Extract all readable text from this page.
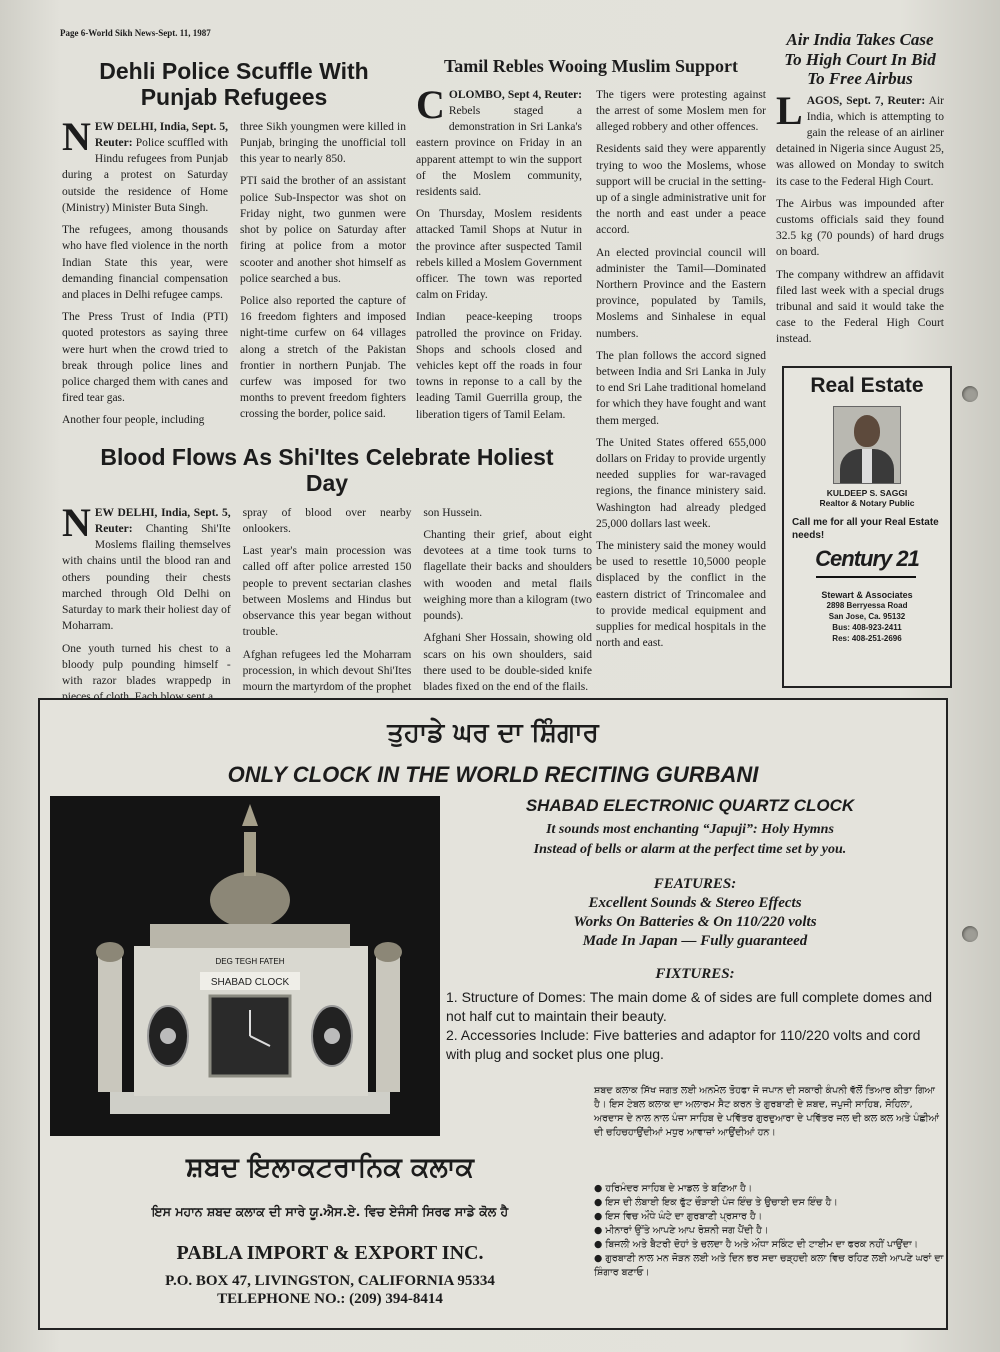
Page 6-World Sikh News-Sept. 11, 1987
Dehli Police Scuffle With Punjab Refugees

NEW DELHI, India, Sept. 5, Reuter: Police scuffled with Hindu refugees from Punjab during a protest on Saturday outside the residence of Home (Ministry) Minister Buta Singh.

The refugees, among thousands who have fled violence in the north Indian State this year, were demanding financial compensation and places in Delhi refugee camps.

The Press Trust of India (PTI) quoted protestors as saying three were hurt when the crowd tried to break through police lines and police charged them with canes and fired tear gas.

Another four people, including

three Sikh youngmen were killed in Punjab, bringing the unofficial toll this year to nearly 850.

PTI said the brother of an assistant police Sub-Inspector was shot on Friday night, two gunmen were shot by police on Saturday after firing at police from a motor scooter and another shot himself as police searched a bus.

Police also reported the capture of 16 freedom fighters and imposed night-time curfew on 64 villages along a stretch of the Pakistan frontier in northern Punjab. The curfew was imposed for two months to prevent freedom fighters crossing the border, police said.

Blood Flows As Shi'Ites Celebrate Holiest Day

NEW DELHI, India, Sept. 5, Reuter: Chanting Shi'Ite Moslems flailing themselves with chains until the blood ran and others pounding their chests marched through Old Delhi on Saturday to mark their holiest day of Moharram.

One youth turned his chest to a bloody pulp pounding himself - with razor blades wrappedp in

spray of blood over nearby onlookers.

Last year's main procession was called off after police arrested 150 people to prevent sectarian clashes between Moslems and Hindus but observance this year began without trouble.

Afghan refugees led the Moharram procession, in which devout Shi'Ites mourn the martyrdom of the prophet

son Hussein.

Chanting their grief, about eight devotees at a time took turns to flagellate their backs and shoulders with wooden and metal flails weighing more than a kilogram (two pounds).

Afghani Sher Hossain, showing old scars on his own shoulders, said there used to be double-sided knife blades fixed on the end of the flails.

Tamil Rebles Wooing Muslim Support

COLOMBO, Sept 4, Reuter: Rebels staged a demonstration in Sri Lanka's eastern province on Friday in an apparent attempt to win the support of the Moslem community, residents said.

On Thursday, Moslem residents attacked Tamil Shops at Nutur in the province after suspected Tamil rebels killed a Moslem Government officer. The town was reported calm on Friday.

Indian peace-keeping troops patrolled the province on Friday. Shops and schools closed and vehicles kept off the roads in four towns in reponse to a call by the leading Tamil Guerrilla group, the liberation tigers of Tamil Eelam.

The tigers were protesting against the arrest of some Moslem men for alleged robbery and other offences.

Residents said they were apparently trying to woo the Moslems, whose support will be crucial in the setting-up of a single administrative unit for the north and east under a peace accord.

An elected provincial council will administer the Tamil—Dominated Northern Province and the Eastern province, populated by Tamils, Moslems and Sinhalese in equal numbers.

The plan follows the accord signed between India and Sri Lanka in July to end Sri Lahe traditional homeland for which they have fought and want them merged.

The United States offered 655,000 dollars on Friday to provide urgently needed supplies for war-ravaged regions, the finance ministery said. Washington had already pledged 25,000 dollars last week.

The ministery said the money would be used to resettle 10,5000 people displaced by the conflict in the eastern district of Trincomalee and to provide medical equipment and supplies for medical hospitals in the north and east.

Air India Takes Case To High Court In Bid To Free Airbus

LAGOS, Sept. 7, Reuter: Air India, which is attempting to gain the release of an airliner detained in Nigeria since August 25, was allowed on Monday to switch its case to the Federal High Court.

The Airbus was impounded after customs officials said they found 32.5 kg (70 pounds) of hard drugs on board.

The company withdrew an affidavit filed last week with a special drugs tribunal and said it would take the case to the Federal High Court instead.

Real Estate
KULDEEP S. SAGGI
Realtor & Notary Public
Call me for all your Real Estate needs!
Century 21
Stewart & Associates
2898 Berryessa Road
San Jose, Ca. 95132
Bus: 408-923-2411
Res: 408-251-2696
ਤੁਹਾਡੇ ਘਰ ਦਾ ਸ਼ਿੰਗਾਰ
ONLY CLOCK IN THE WORLD RECITING GURBANI
SHABAD ELECTRONIC QUARTZ CLOCK
It sounds most enchanting “Japuji”: Holy Hymns
Instead of bells or alarm at the perfect time set by you.
FEATURES:
Excellent Sounds & Stereo Effects
Works On Batteries & On 110/220 volts
Made In Japan — Fully guaranteed
FIXTURES:

1. Structure of Domes: The main dome & of sides are full complete domes and not half cut to maintain their beauty.

2. Accessories Include: Five batteries and adaptor for 110/220 volts and cord with plug and socket plus one plug.

SHABAD CLOCK
DEG TEGH FATEH
ਸ਼ਬਦ ਕਲਾਕ ਸਿੱਖ ਜਗਤ ਲਈ ਅਨਮੋਲ ਤੋਹਫਾ ਜੋ ਜਪਾਨ ਦੀ ਸਕਾਰੀ ਕੰਪਨੀ ਵੱਲੋਂ ਤਿਆਰ ਕੀਤਾ ਗਿਆ ਹੈ। ਇਸ ਟੇਬਲ ਕਲਾਕ ਦਾ ਅਲਾਰਮ ਸੈਟ ਕਰਨ ਤੇ ਗੁਰਬਾਣੀ ਦੇ ਸ਼ਬਦ, ਜਪੁਜੀ ਸਾਹਿਬ, ਸੋਹਿਲਾ, ਅਰਦਾਸ ਦੇ ਨਾਲ ਨਾਲ ਪੰਜਾ ਸਾਹਿਬ ਦੇ ਪਵਿੱਤਰ ਗੁਰਦੁਆਰਾ ਦੇ ਪਵਿੱਤਰ ਜਲ ਦੀ ਕਲ ਕਲ ਅਤੇ ਪੰਛੀਆਂ ਦੀ ਚਹਿਚਹਾਉਂਦੀਆਂ ਮਧੁਰ ਆਵਾਜ਼ਾਂ ਆਉਂਦੀਆਂ ਹਨ।
● ਹਰਿਮੰਦਰ ਸਾਹਿਬ ਦੇ ਮਾਡਲ ਤੇ ਬਣਿਆ ਹੈ।
● ਇਸ ਦੀ ਲੰਬਾਈ ਇਕ ਫੁੱਟ ਚੌੜਾਈ ਪੰਜ ਇੰਚ ਤੇ ਉਚਾਈ ਦਸ ਇੰਚ ਹੈ।
● ਇਸ ਵਿਚ ਔਧੇ ਘੰਟੇ ਦਾ ਗੁਰਬਾਣੀ ਪ੍ਰਸਾਰ ਹੈ।
● ਮੀਨਾਰਾਂ ਉੱਤੇ ਆਪਣੇ ਆਪ ਰੋਸ਼ਨੀ ਜਗ ਪੈਂਦੀ ਹੈ।
● ਬਿਜਲੀ ਅਤੇ ਬੈਟਰੀ ਦੋਹਾਂ ਤੇ ਚਲਦਾ ਹੈ ਅਤੇ ਔਧਾ ਸਕਿੰਟ ਦੀ ਟਾਈਮ ਦਾ ਫਰਕ ਨਹੀਂ ਪਾਉਂਦਾ।
● ਗੁਰਬਾਣੀ ਨਾਲ ਮਨ ਜੋੜਨ ਲਈ ਅਤੇ ਦਿਨ ਭਰ ਸਦਾ ਚੜ੍ਹਦੀ ਕਲਾ ਵਿਚ ਰਹਿਣ ਲਈ ਆਪਣੇ ਘਰਾਂ ਦਾ ਸ਼ਿੰਗਾਰ ਬਣਾਓ।
ਸ਼ਬਦ ਇਲਾਕਟਰਾਨਿਕ ਕਲਾਕ
ਇਸ ਮਹਾਨ ਸ਼ਬਦ ਕਲਾਕ ਦੀ ਸਾਰੇ ਯੂ.ਐਸ.ਏ. ਵਿਚ ਏਜੰਸੀ ਸਿਰਫ ਸਾਡੇ ਕੋਲ ਹੈ
PABLA IMPORT & EXPORT INC.
P.O. BOX 47, LIVINGSTON, CALIFORNIA 95334
TELEPHONE NO.: (209) 394-8414
